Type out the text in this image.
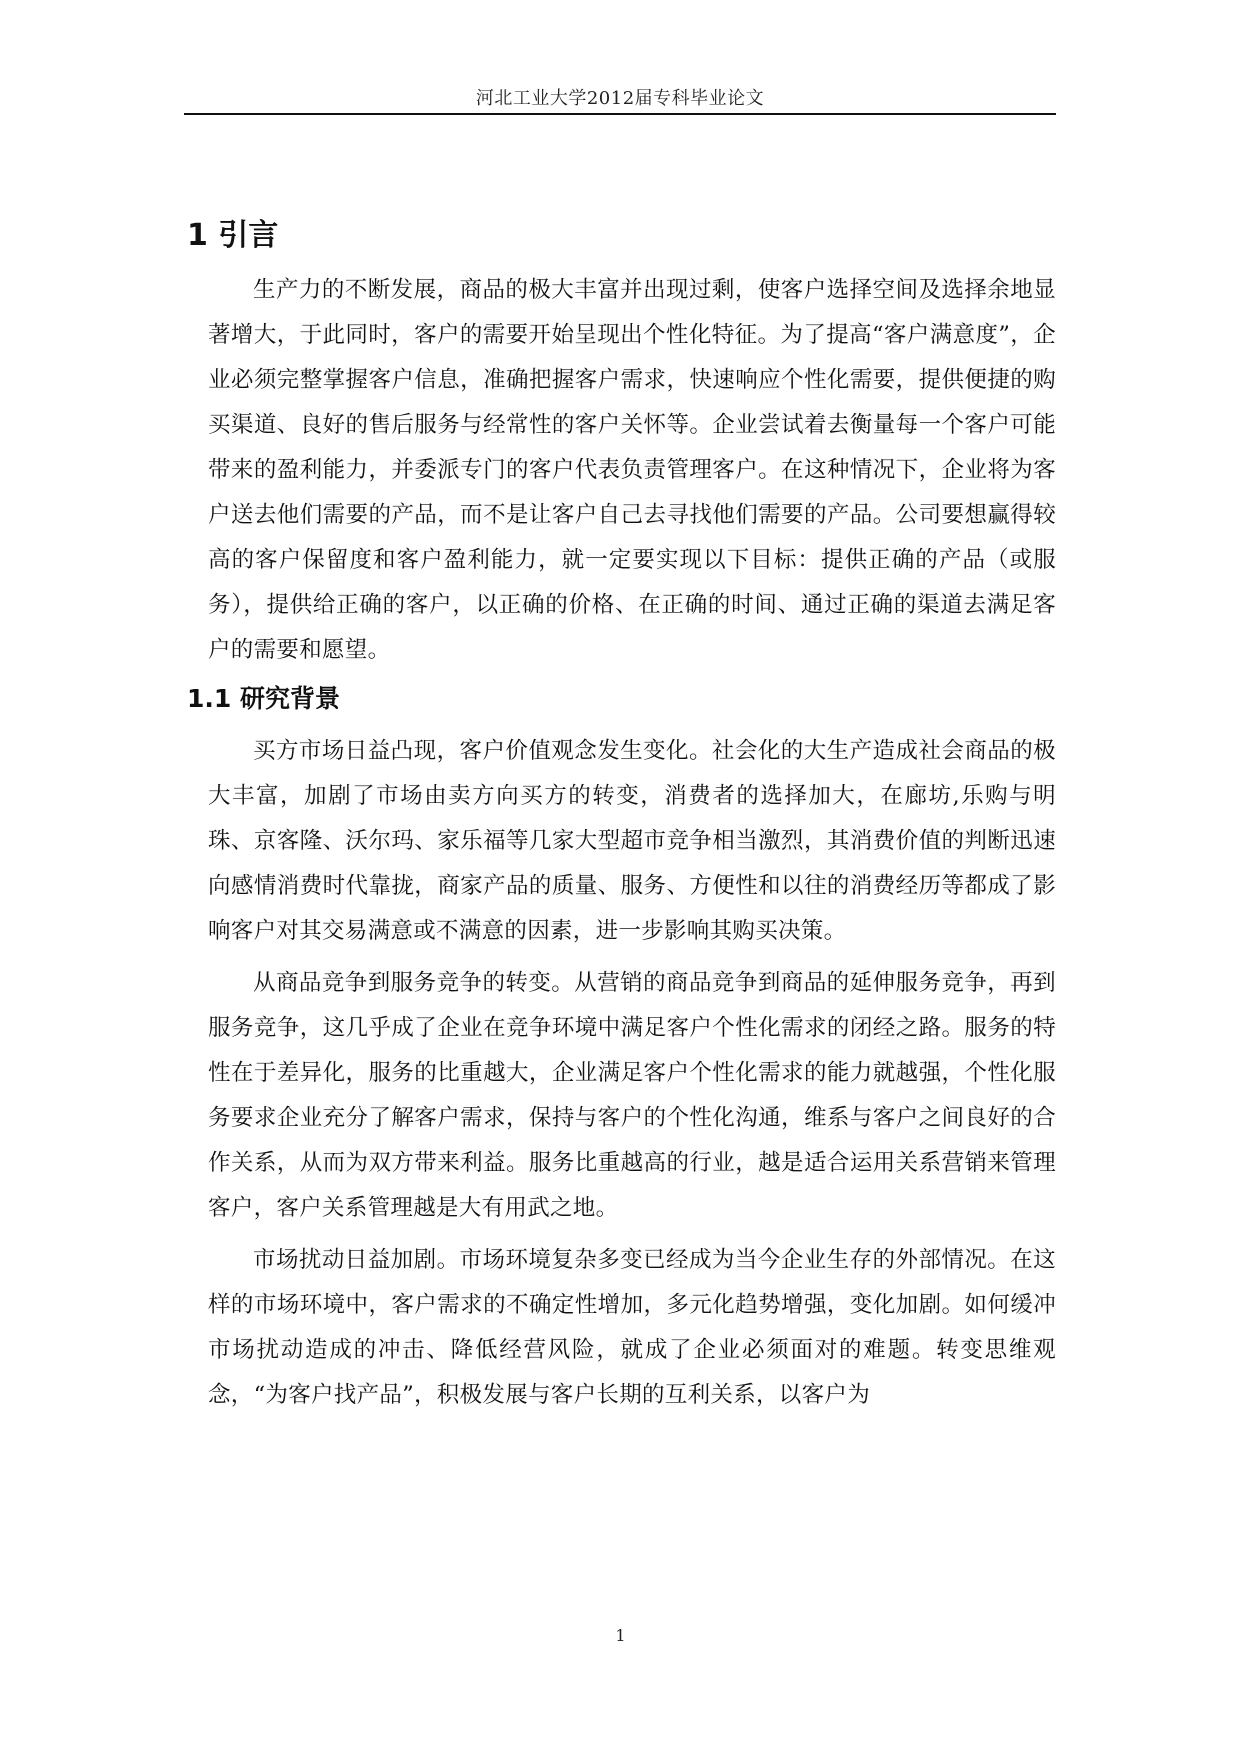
河北工业大学2012届专科毕业论文
1 引言

生产力的不断发展，商品的极大丰富并出现过剩，使客户选择空间及选择余地显著增大，于此同时，客户的需要开始呈现出个性化特征。为了提高“客户满意度”，企业必须完整掌握客户信息，准确把握客户需求，快速响应个性化需要，提供便捷的购买渠道、良好的售后服务与经常性的客户关怀等。企业尝试着去衡量每一个客户可能带来的盈利能力，并委派专门的客户代表负责管理客户。在这种情况下，企业将为客户送去他们需要的产品，而不是让客户自己去寻找他们需要的产品。公司要想赢得较高的客户保留度和客户盈利能力，就一定要实现以下目标：提供正确的产品（或服务），提供给正确的客户，以正确的价格、在正确的时间、通过正确的渠道去满足客户的需要和愿望。

1.1 研究背景

买方市场日益凸现，客户价值观念发生变化。社会化的大生产造成社会商品的极大丰富，加剧了市场由卖方向买方的转变，消费者的选择加大，在廊坊,乐购与明珠、京客隆、沃尔玛、家乐福等几家大型超市竞争相当激烈，其消费价值的判断迅速向感情消费时代靠拢，商家产品的质量、服务、方便性和以往的消费经历等都成了影响客户对其交易满意或不满意的因素，进一步影响其购买决策。

从商品竞争到服务竞争的转变。从营销的商品竞争到商品的延伸服务竞争，再到服务竞争，这几乎成了企业在竞争环境中满足客户个性化需求的闭经之路。服务的特性在于差异化，服务的比重越大，企业满足客户个性化需求的能力就越强，个性化服务要求企业充分了解客户需求，保持与客户的个性化沟通，维系与客户之间良好的合作关系，从而为双方带来利益。服务比重越高的行业，越是适合运用关系营销来管理客户，客户关系管理越是大有用武之地。

市场扰动日益加剧。市场环境复杂多变已经成为当今企业生存的外部情况。在这样的市场环境中，客户需求的不确定性增加，多元化趋势增强，变化加剧。如何缓冲市场扰动造成的冲击、降低经营风险，就成了企业必须面对的难题。转变思维观念，“为客户找产品”，积极发展与客户长期的互利关系，以客户为

1
